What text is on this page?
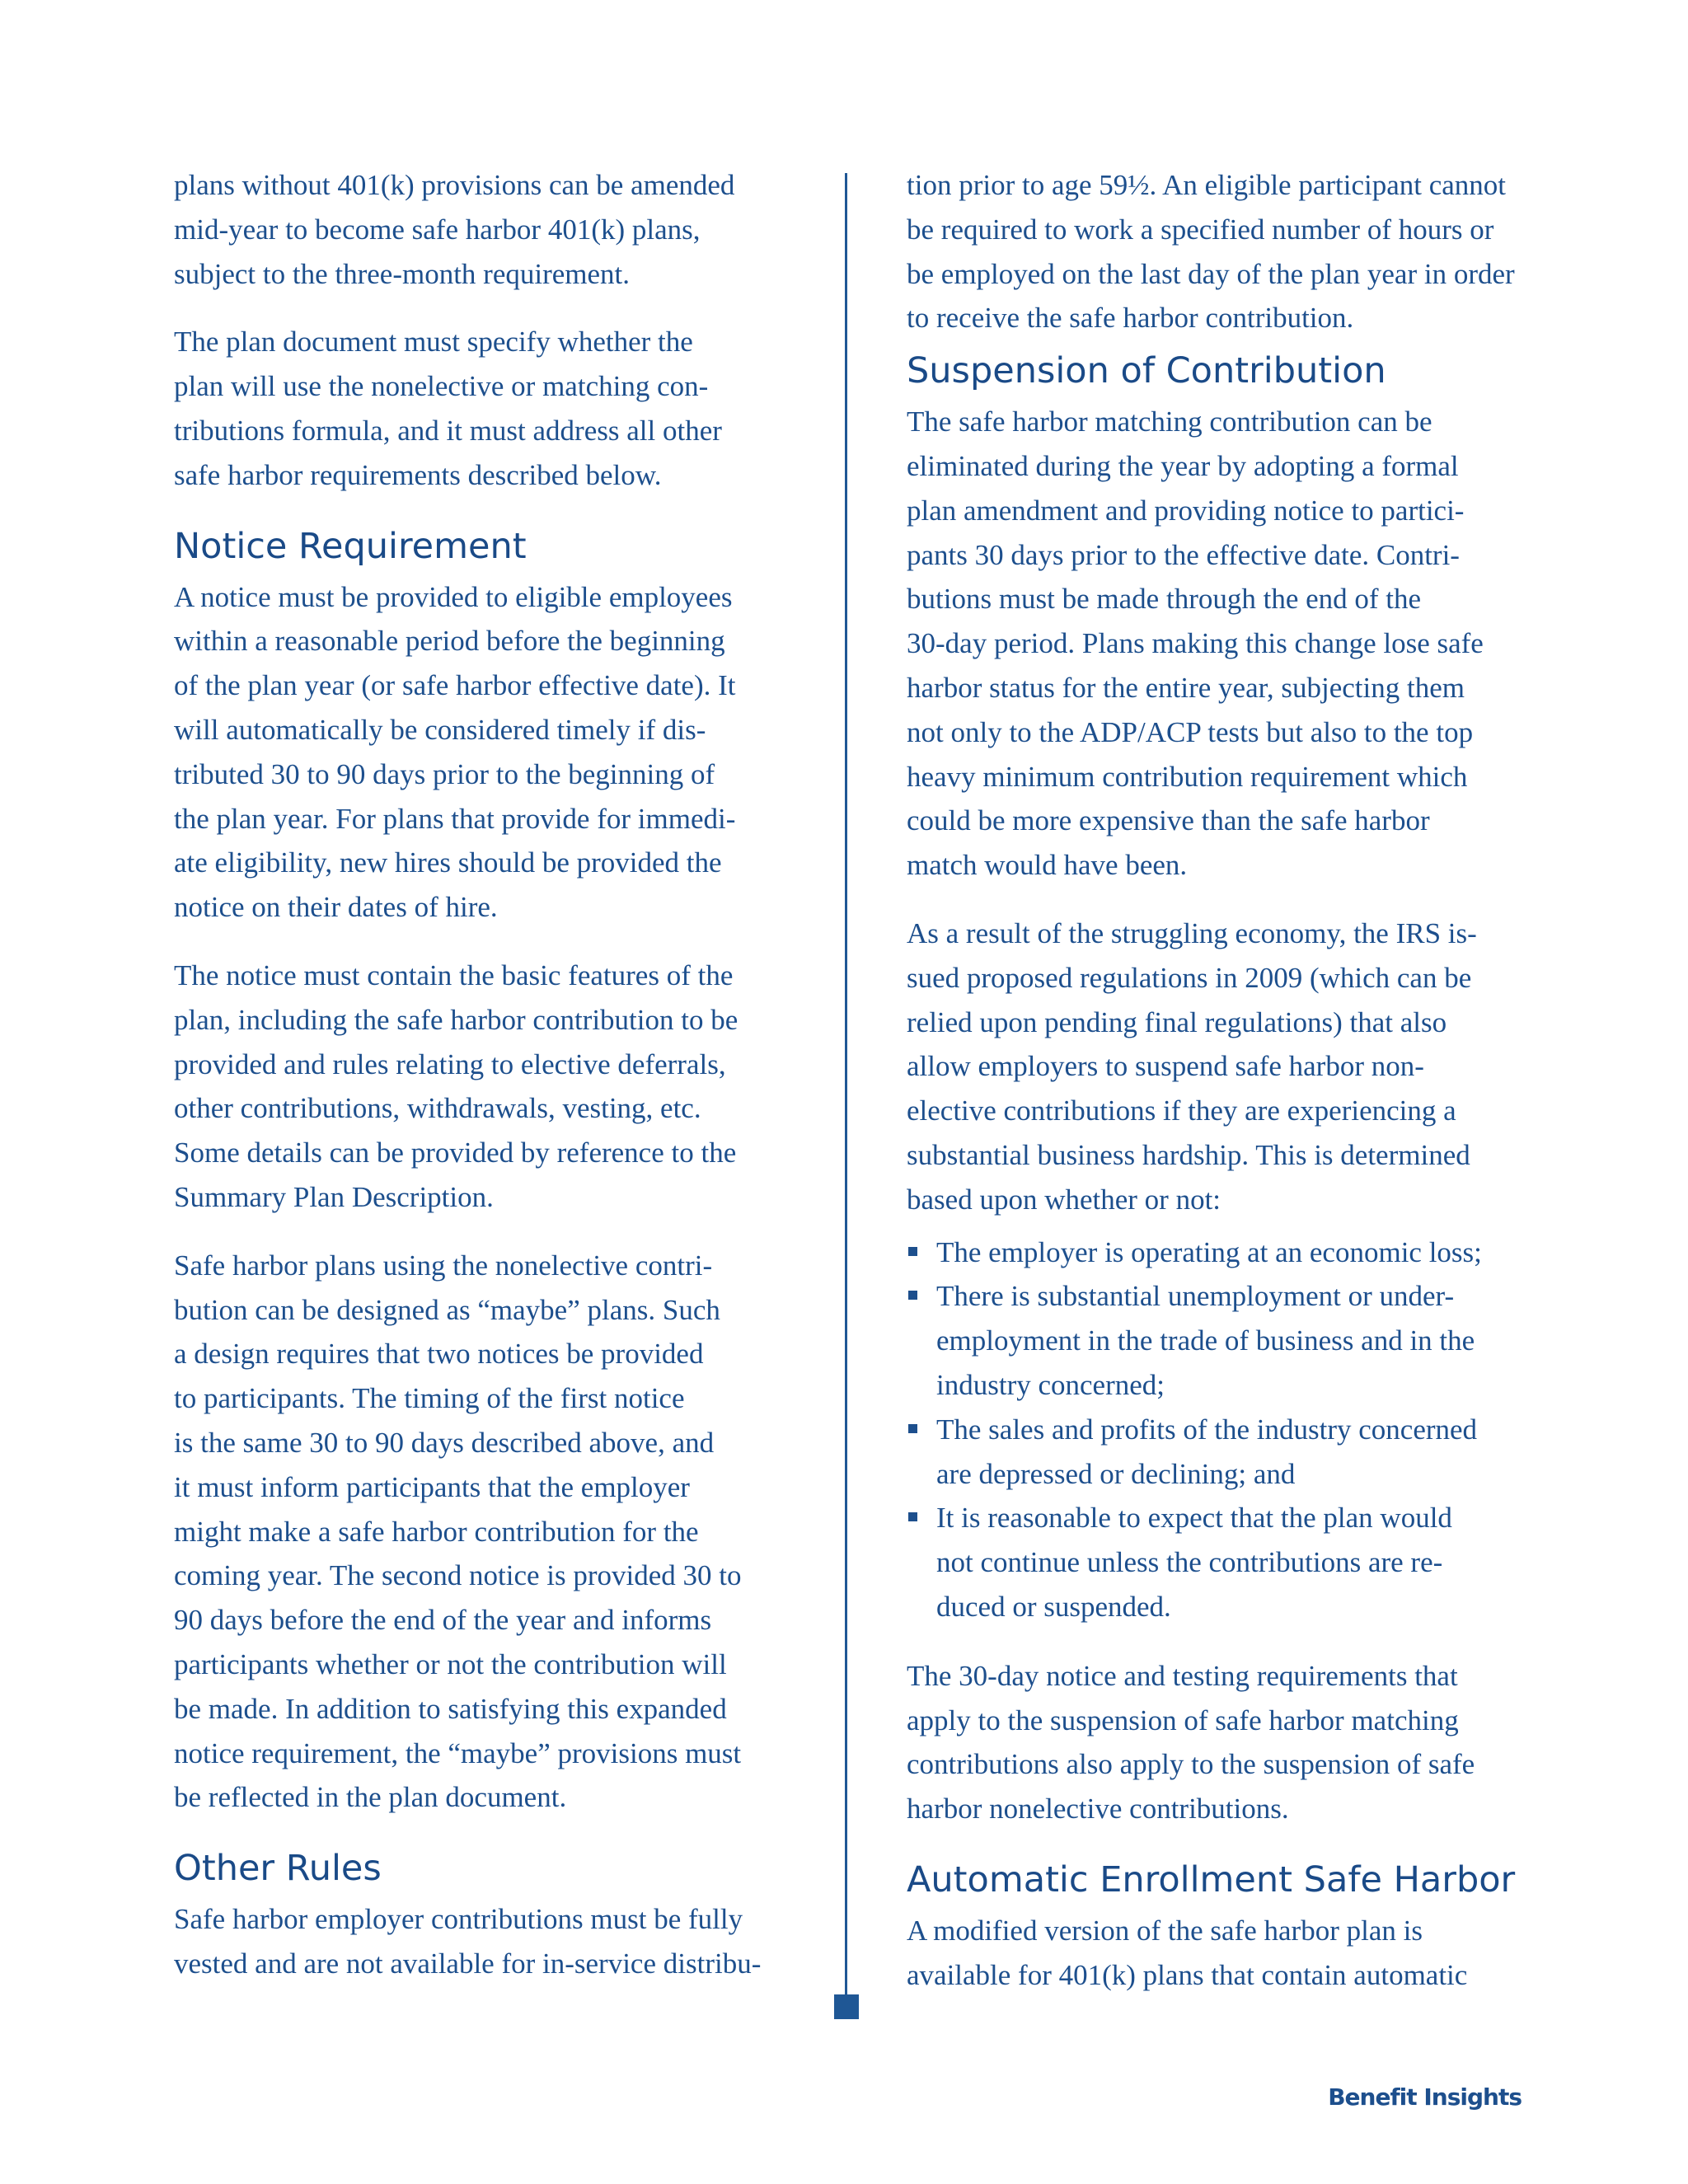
plans without 401(k) provisions can be amended
mid-year to become safe harbor 401(k) plans,
subject to the three-month requirement.

The plan document must specify whether the
plan will use the nonelective or matching con-
tributions formula, and it must address all other
safe harbor requirements described below.

Notice Requirement

A notice must be provided to eligible employees
within a reasonable period before the beginning
of the plan year (or safe harbor effective date). It
will automatically be considered timely if dis-
tributed 30 to 90 days prior to the beginning of
the plan year. For plans that provide for immedi-
ate eligibility, new hires should be provided the
notice on their dates of hire.

The notice must contain the basic features of the
plan, including the safe harbor contribution to be
provided and rules relating to elective deferrals,
other contributions, withdrawals, vesting, etc.
Some details can be provided by reference to the
Summary Plan Description.

Safe harbor plans using the nonelective contri-
bution can be designed as “maybe” plans. Such
a design requires that two notices be provided
to participants. The timing of the first notice
is the same 30 to 90 days described above, and
it must inform participants that the employer
might make a safe harbor contribution for the
coming year. The second notice is provided 30 to
90 days before the end of the year and informs
participants whether or not the contribution will
be made. In addition to satisfying this expanded
notice requirement, the “maybe” provisions must
be reflected in the plan document.

Other Rules

Safe harbor employer contributions must be fully
vested and are not available for in-service distribu-

tion prior to age 59½. An eligible participant cannot
be required to work a specified number of hours or
be employed on the last day of the plan year in order
to receive the safe harbor contribution.

Suspension of Contribution

The safe harbor matching contribution can be
eliminated during the year by adopting a formal
plan amendment and providing notice to partici-
pants 30 days prior to the effective date. Contri-
butions must be made through the end of the
30-day period. Plans making this change lose safe
harbor status for the entire year, subjecting them
not only to the ADP/ACP tests but also to the top
heavy minimum contribution requirement which
could be more expensive than the safe harbor
match would have been.

As a result of the struggling economy, the IRS is-
sued proposed regulations in 2009 (which can be
relied upon pending final regulations) that also
allow employers to suspend safe harbor non-
elective contributions if they are experiencing a
substantial business hardship. This is determined
based upon whether or not:

The employer is operating at an economic loss;
There is substantial unemployment or under-
employment in the trade of business and in the
industry concerned;
The sales and profits of the industry concerned
are depressed or declining; and
It is reasonable to expect that the plan would
not continue unless the contributions are re-
duced or suspended.

The 30-day notice and testing requirements that
apply to the suspension of safe harbor matching
contributions also apply to the suspension of safe
harbor nonelective contributions.

Automatic Enrollment Safe Harbor

A modified version of the safe harbor plan is
available for 401(k) plans that contain automatic

Benefit Insights
